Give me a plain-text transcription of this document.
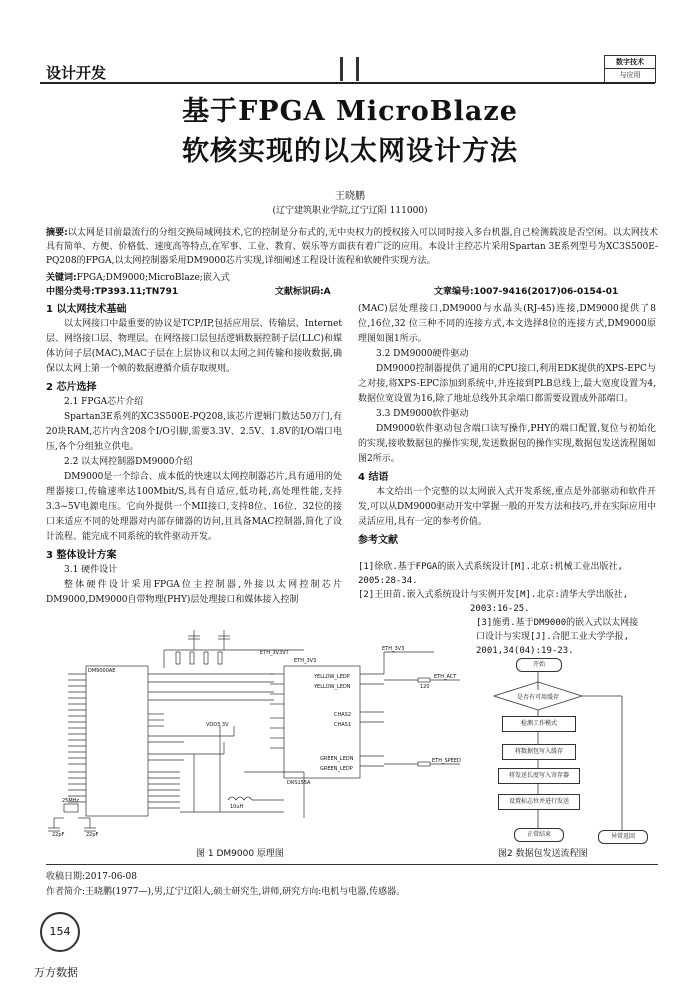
设计开发
数字技术
与应用
基于FPGA MicroBlaze
软核实现的以太网设计方法
王晓鹏
(辽宁建筑职业学院,辽宁辽阳 111000)
摘要:以太网是目前最流行的分组交换局域网技术,它的控制是分布式的,无中央权力的授权接入可以同时接入多台机器,自己检测载波是否空闲。以太网技术具有简单、方便、价格低、速度高等特点,在军事、工业、教育、娱乐等方面获有着广泛的应用。本设计主控芯片采用Spartan 3E系列型号为XC3S500E-PQ208的FPGA,以太网控制器采用DM9000芯片实现,详细阐述工程设计流程和软硬件实现方法。
关键词:FPGA;DM9000;MicroBlaze;嵌入式
中图分类号:TP393.11;TN791	文献标识码:A	文章编号:1007-9416(2017)06-0154-01
1 以太网技术基础
以太网接口中最重要的协议是TCP/IP,包括应用层、传输层、Internet层、网络接口层、物理层。在网络接口层包括逻辑数据控制子层(LLC)和媒体访问子层(MAC),MAC子层在上层协议和以太网之间传输和接收数据,确保以太网上第一个帧的数据遵循介质存取规则。
2 芯片选择
2.1 FPGA芯片介绍
Spartan3E系列的XC3S500E-PQ208,该芯片逻辑门数达50万门,有20块RAM,芯片内含208个I/O引脚,需要3.3V、2.5V、1.8V的I/O端口电压,各个分组独立供电。
2.2 以太网控制器DM9000介绍
DM9000是一个综合、成本低的快速以太网控制器芯片,具有通用的处理器接口,传输速率达100Mbit/S,具有自适应,低功耗,高处理性能,支持3.3~5V电源电压。它向外提供一个MII接口,支持8位、16位、32位的接口来适应不同的处理器对内部存储器的访问,且具备MAC控制器,简化了设计流程、能完成不同系统的软件驱动开发。
3 整体设计方案
3.1 硬件设计
整体硬件设计采用FPGA位主控制器,外接以太网控制芯片DM9000,DM9000自带物理(PHY)层处理接口和媒体接入控制
(MAC)层处理接口,DM9000与水晶头(RJ-45)连接,DM9000提供了8位,16位,32 位三种不同的连接方式,本文选择8位的连接方式,DM9000原理图如图1所示。
3.2 DM9000硬件驱动
DM9000控制器提供了通用的CPU接口,利用EDK提供的XPS-EPC与之对接,将XPS-EPC添加到系统中,并连接到PLB总线上,最大宽度设置为4,数据位宽设置为16,除了地址总线外其余端口都需要设置成外部端口。
3.3 DM9000软件驱动
DM9000软件驱动包含端口读写操作,PHY的端口配置,复位与初始化的实现,接收数据包的操作实现,发送数据包的操作实现,数据包发送流程图如图2所示。
4 结语
本文给出一个完整的以太网嵌入式开发系统,重点是外部驱动和软件开发,可以从DM9000驱动开发中掌握一般的开发方法和技巧,并在实际应用中灵活应用,具有一定的参考价值。
参考文献
[1]徐欣.基于FPGA的嵌入式系统设计[M].北京:机械工业出版社,
2005:28-34.
[2]王田苗.嵌入式系统设计与实例开发[M].北京:清华大学出版社,
2003:16-25.
[3]施勇.基于DM9000的嵌入式以太网接
口设计与实现[J].合肥工业大学学报,
2001,34(04):19-23.
DM9000AE
ETH_3V3VT
ETH_3V3
DRS155A
VDD3.3V
10uH
YELLOW_LEDP
YELLOW_LEDN
CHAS2
CHAS1
GREEN_LEDN
GREEN_LEDP
ETH_ACT
ETH_SPEED
120
22pF	22pF
25MHz
ETH_3V3
图 1 DM9000 原理图
开始
是否有可用缓存
检测工作模式
将数据包写入缓存
将发送长度写入寄存器
设置标志位并进行发送
正常结束	异常返回
图2 数据包发送流程图
收稿日期:2017-06-08
作者简介:王晓鹏(1977—),男,辽宁辽阳人,硕士研究生,讲师,研究方向:电机与电器,传感器。
154
万方数据
